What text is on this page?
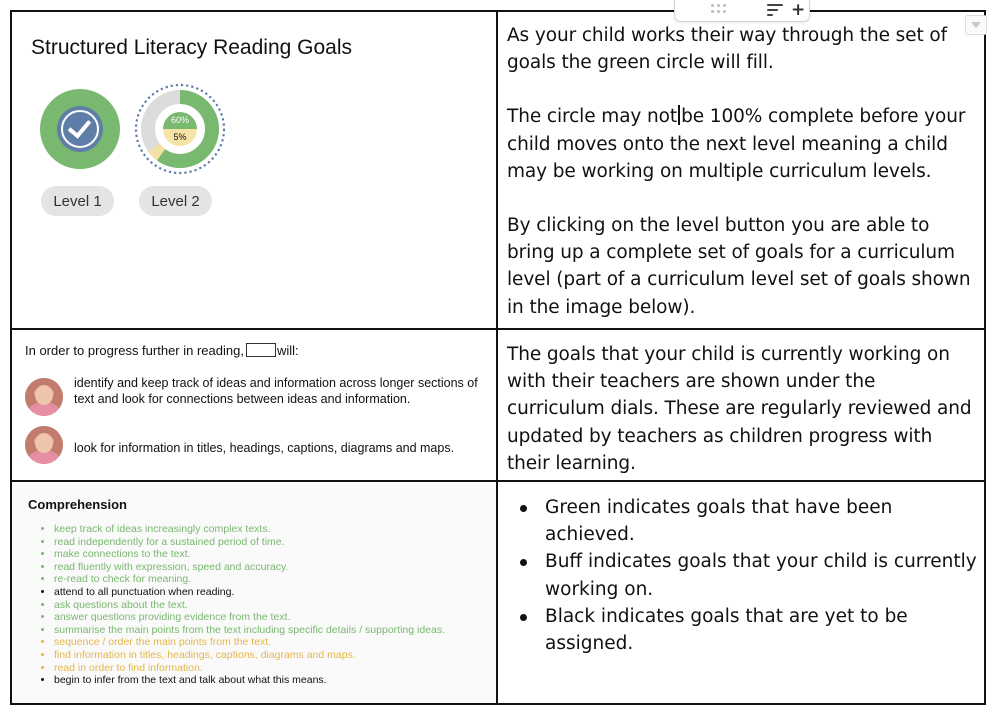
+
Structured Literacy Reading Goals
60%
5%
Level 1	Level 2

As your child works their way through the set of goals the green circle will fill.

The circle may not be 100% complete before your child moves onto the next level meaning a child may be working on multiple curriculum levels.

By clicking on the level button you are able to bring up a complete set of goals for a curriculum level (part of a curriculum level set of goals shown in the image below).

In order to progress further in reading,	will:
identify and keep track of ideas and information across longer sections of text and look for connections between ideas and information.
look for information in titles, headings, captions, diagrams and maps.
The goals that your child is currently working on with their teachers are shown under the curriculum dials. These are regularly reviewed and updated by teachers as children progress with their learning.
Comprehension
• keep track of ideas increasingly complex texts.
• read independently for a sustained period of time.
• make connections to the text.
• read fluently with expression, speed and accuracy.
• re-read to check for meaning.
• attend to all punctuation when reading.
• ask questions about the text.
• answer questions providing evidence from the text.
• summarise the main points from the text including specific details / supporting ideas.
• sequence / order the main points from the text.
• find information in titles, headings, captions, diagrams and maps.
• read in order to find information.
• begin to infer from the text and talk about what this means.
Green indicates goals that have been achieved.
Buff indicates goals that your child is currently working on.
Black indicates goals that are yet to be assigned.
